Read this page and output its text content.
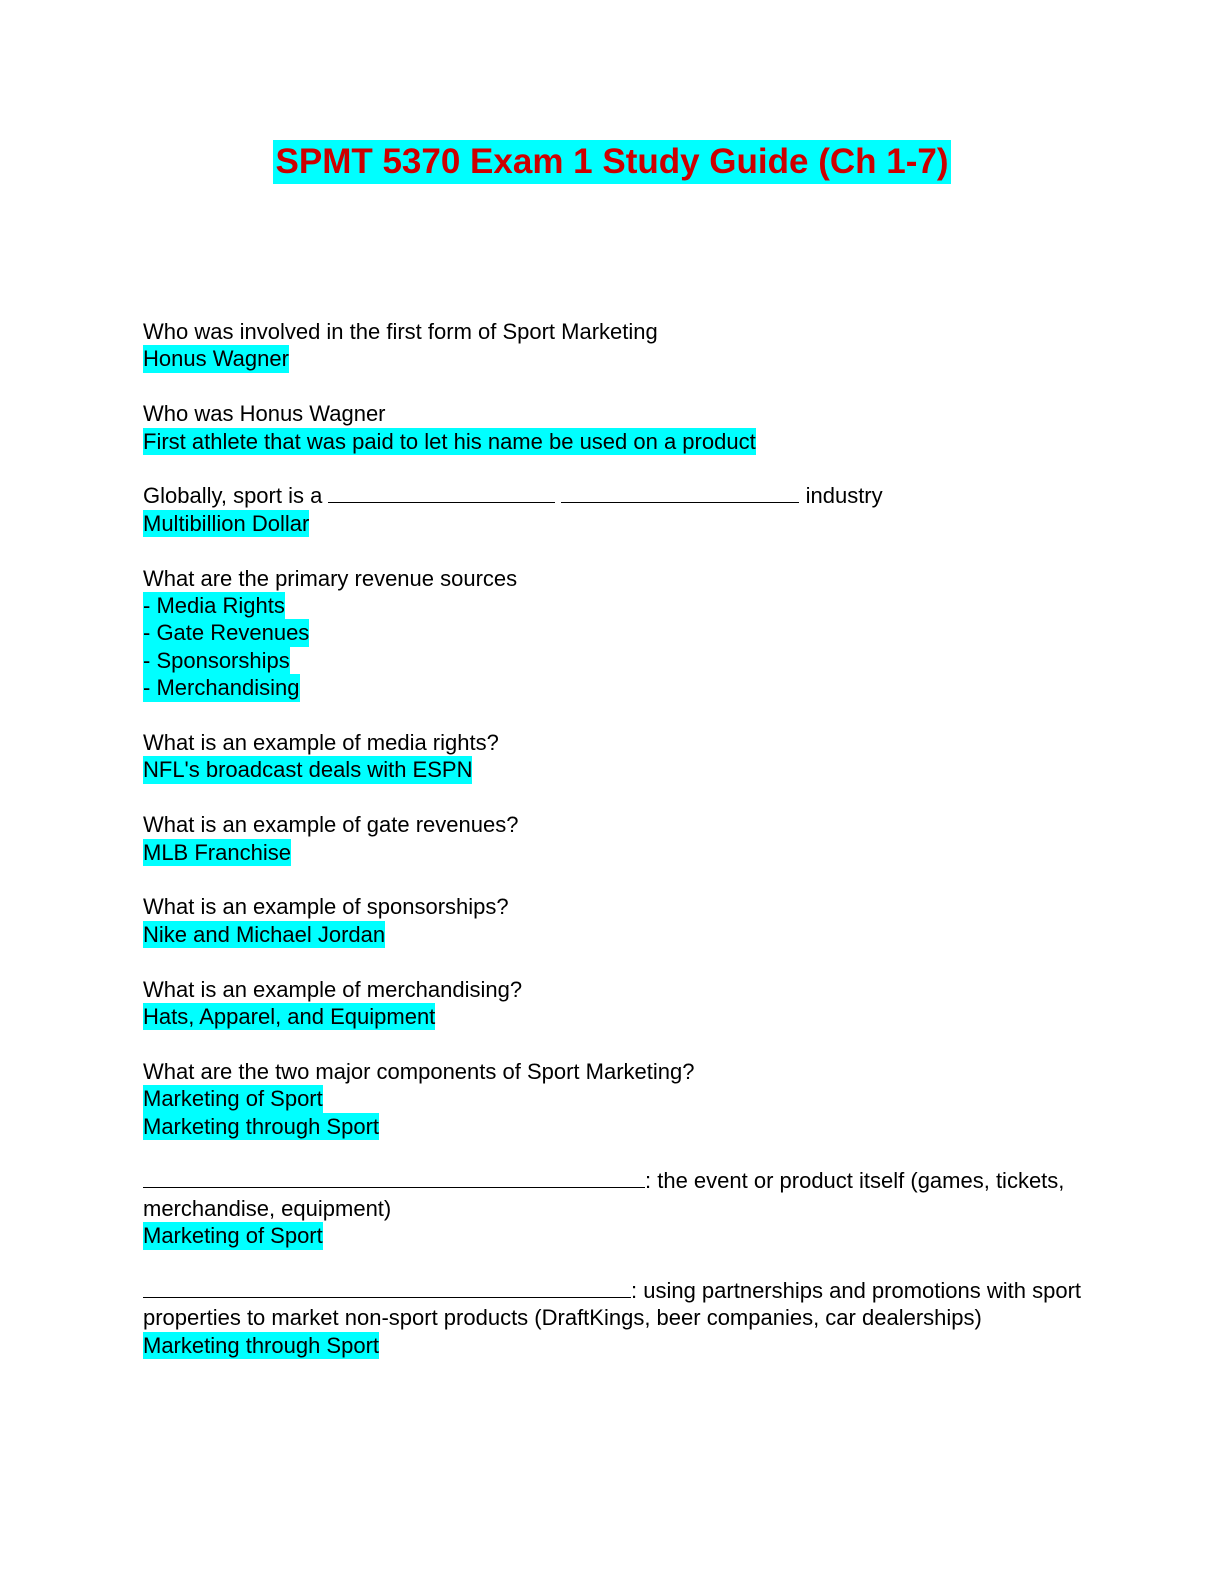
SPMT 5370 Exam 1 Study Guide (Ch 1-7)
Who was involved in the first form of Sport Marketing
Honus Wagner
Who was Honus Wagner
First athlete that was paid to let his name be used on a product
Globally, sport is a	industry
Multibillion Dollar
What are the primary revenue sources
- Media Rights
- Gate Revenues
- Sponsorships
- Merchandising
What is an example of media rights?
NFL's broadcast deals with ESPN
What is an example of gate revenues?
MLB Franchise
What is an example of sponsorships?
Nike and Michael Jordan
What is an example of merchandising?
Hats, Apparel, and Equipment
What are the two major components of Sport Marketing?
Marketing of Sport
Marketing through Sport
: the event or product itself (games, tickets, merchandise, equipment)
Marketing of Sport
: using partnerships and promotions with sport properties to market non-sport products (DraftKings, beer companies, car dealerships)
Marketing through Sport
